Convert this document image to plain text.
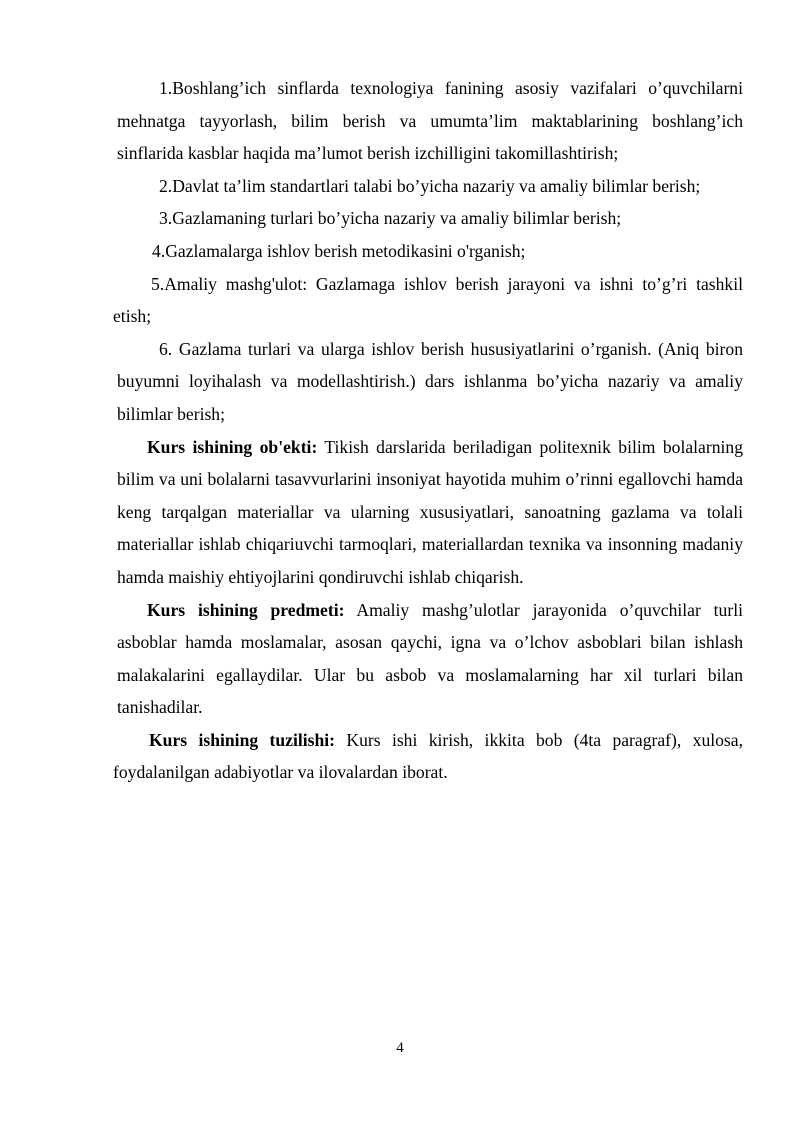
1.Boshlang’ich sinflarda texnologiya fanining asosiy vazifalari o’quvchilarni mehnatga tayyorlash, bilim berish va umumta’lim maktablarining boshlang’ich sinflarida kasblar haqida ma’lumot berish izchilligini takomillashtirish;

2.Davlat ta’lim standartlari talabi bo’yicha nazariy va amaliy bilimlar berish;

3.Gazlamaning turlari bo’yicha nazariy va amaliy bilimlar berish;

4.Gazlamalarga ishlov berish metodikasini o'rganish;

5.Amaliy mashg'ulot: Gazlamaga ishlov berish jarayoni va ishni to’g’ri tashkil etish;

6. Gazlama turlari va ularga ishlov berish hususiyatlarini o’rganish. (Aniq biron buyumni loyihalash va modellashtirish.) dars ishlanma bo’yicha nazariy va amaliy bilimlar berish;

Kurs ishining ob'ekti: Tikish darslarida beriladigan politexnik bilim bolalarning bilim va uni bolalarni tasavvurlarini insoniyat hayotida muhim o’rinni egallovchi hamda keng tarqalgan materiallar va ularning xususiyatlari, sanoatning gazlama va tolali materiallar ishlab chiqariuvchi tarmoqlari, materiallardan texnika va insonning madaniy hamda maishiy ehtiyojlarini qondiruvchi ishlab chiqarish.

Kurs ishining predmeti: Amaliy mashg’ulotlar jarayonida o’quvchilar turli asboblar hamda moslamalar, asosan qaychi, igna va o’lchov asboblari bilan ishlash malakalarini egallaydilar. Ular bu asbob va moslamalarning har xil turlari bilan tanishadilar.

Kurs ishining tuzilishi: Kurs ishi kirish, ikkita bob (4ta paragraf), xulosa, foydalanilgan adabiyotlar va ilovalardan iborat.

4
